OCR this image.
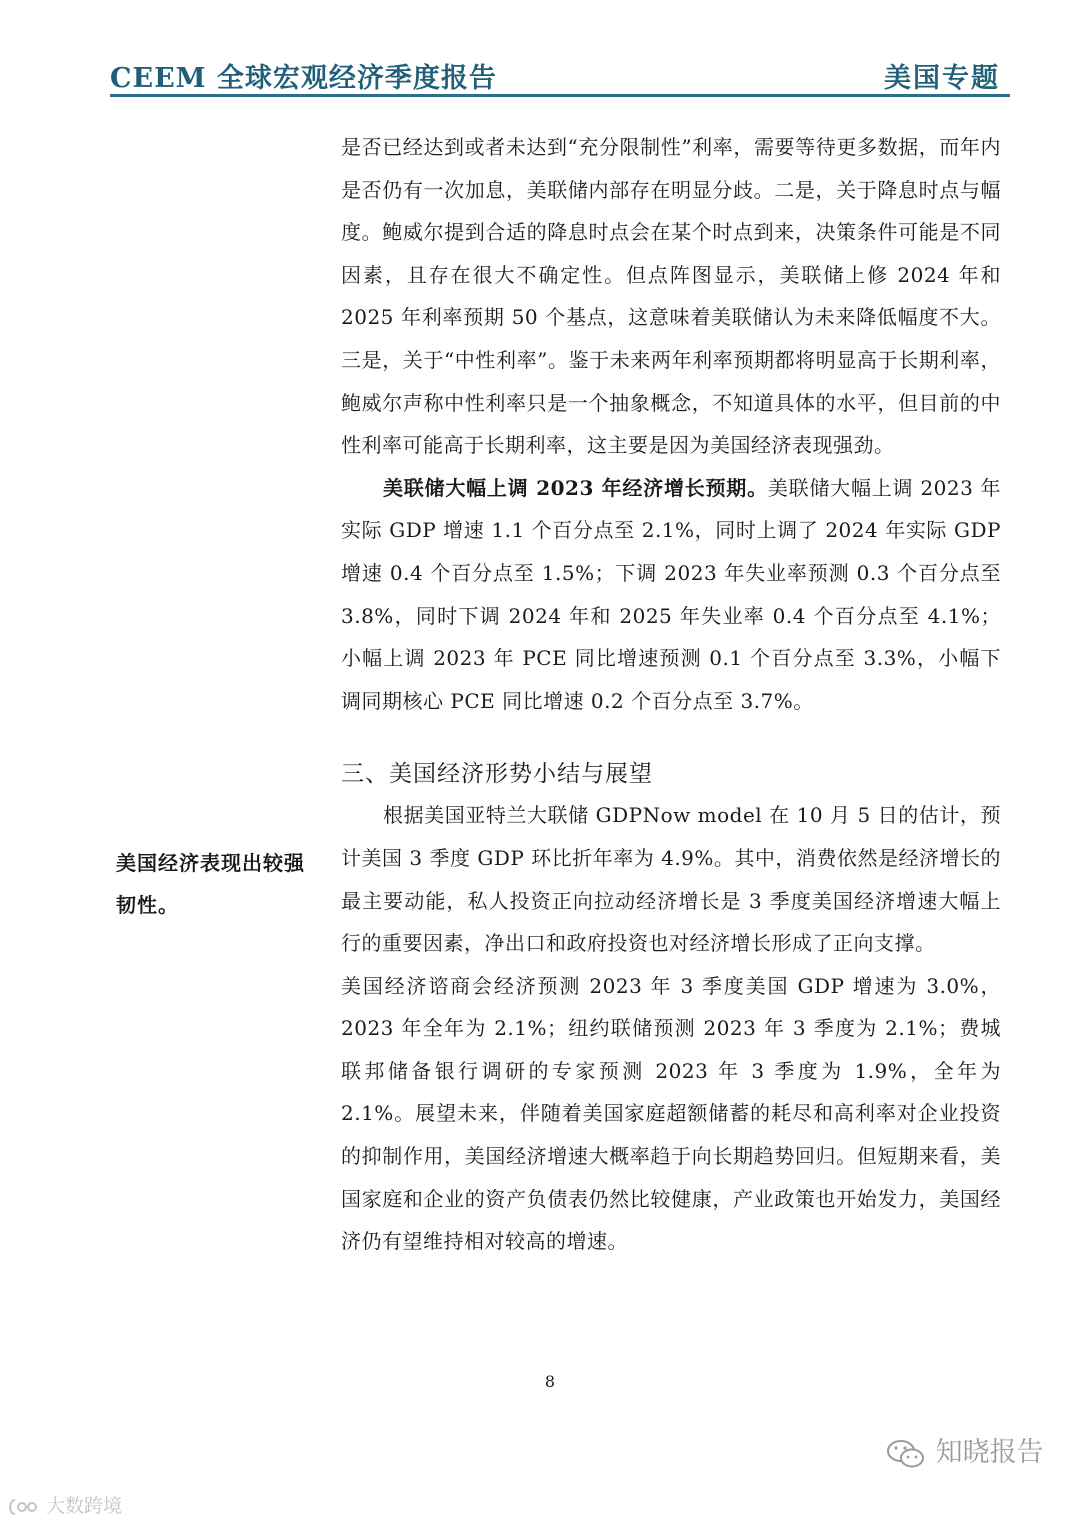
CEEM 全球宏观经济季度报告	美国专题
美国经济表现出较强韧性。

是否已经达到或者未达到“充分限制性”利率，需要等待更多数据，而年内是否仍有一次加息，美联储内部存在明显分歧。二是，关于降息时点与幅度。鲍威尔提到合适的降息时点会在某个时点到来，决策条件可能是不同因素，且存在很大不确定性。但点阵图显示，美联储上修 2024 年和 2025 年利率预期 50 个基点，这意味着美联储认为未来降低幅度不大。三是，关于“中性利率”。鉴于未来两年利率预期都将明显高于长期利率，鲍威尔声称中性利率只是一个抽象概念，不知道具体的水平，但目前的中性利率可能高于长期利率，这主要是因为美国经济表现强劲。

美联储大幅上调 2023 年经济增长预期。美联储大幅上调 2023 年实际 GDP 增速 1.1 个百分点至 2.1%，同时上调了 2024 年实际 GDP 增速 0.4 个百分点至 1.5%；下调 2023 年失业率预测 0.3 个百分点至 3.8%，同时下调 2024 年和 2025 年失业率 0.4 个百分点至 4.1%；小幅上调 2023 年 PCE 同比增速预测 0.1 个百分点至 3.3%，小幅下调同期核心 PCE 同比增速 0.2 个百分点至 3.7%。

三、美国经济形势小结与展望

根据美国亚特兰大联储 GDPNow model 在 10 月 5 日的估计，预计美国 3 季度 GDP 环比折年率为 4.9%。其中，消费依然是经济增长的最主要动能，私人投资正向拉动经济增长是 3 季度美国经济增速大幅上行的重要因素，净出口和政府投资也对经济增长形成了正向支撑。

美国经济谘商会经济预测 2023 年 3 季度美国 GDP 增速为 3.0%，2023 年全年为 2.1%；纽约联储预测 2023 年 3 季度为 2.1%；费城联邦储备银行调研的专家预测 2023 年 3 季度为 1.9%，全年为 2.1%。展望未来，伴随着美国家庭超额储蓄的耗尽和高利率对企业投资的抑制作用，美国经济增速大概率趋于向长期趋势回归。但短期来看，美国家庭和企业的资产负债表仍然比较健康，产业政策也开始发力，美国经济仍有望维持相对较高的增速。

8
大数跨境
知晓报告
